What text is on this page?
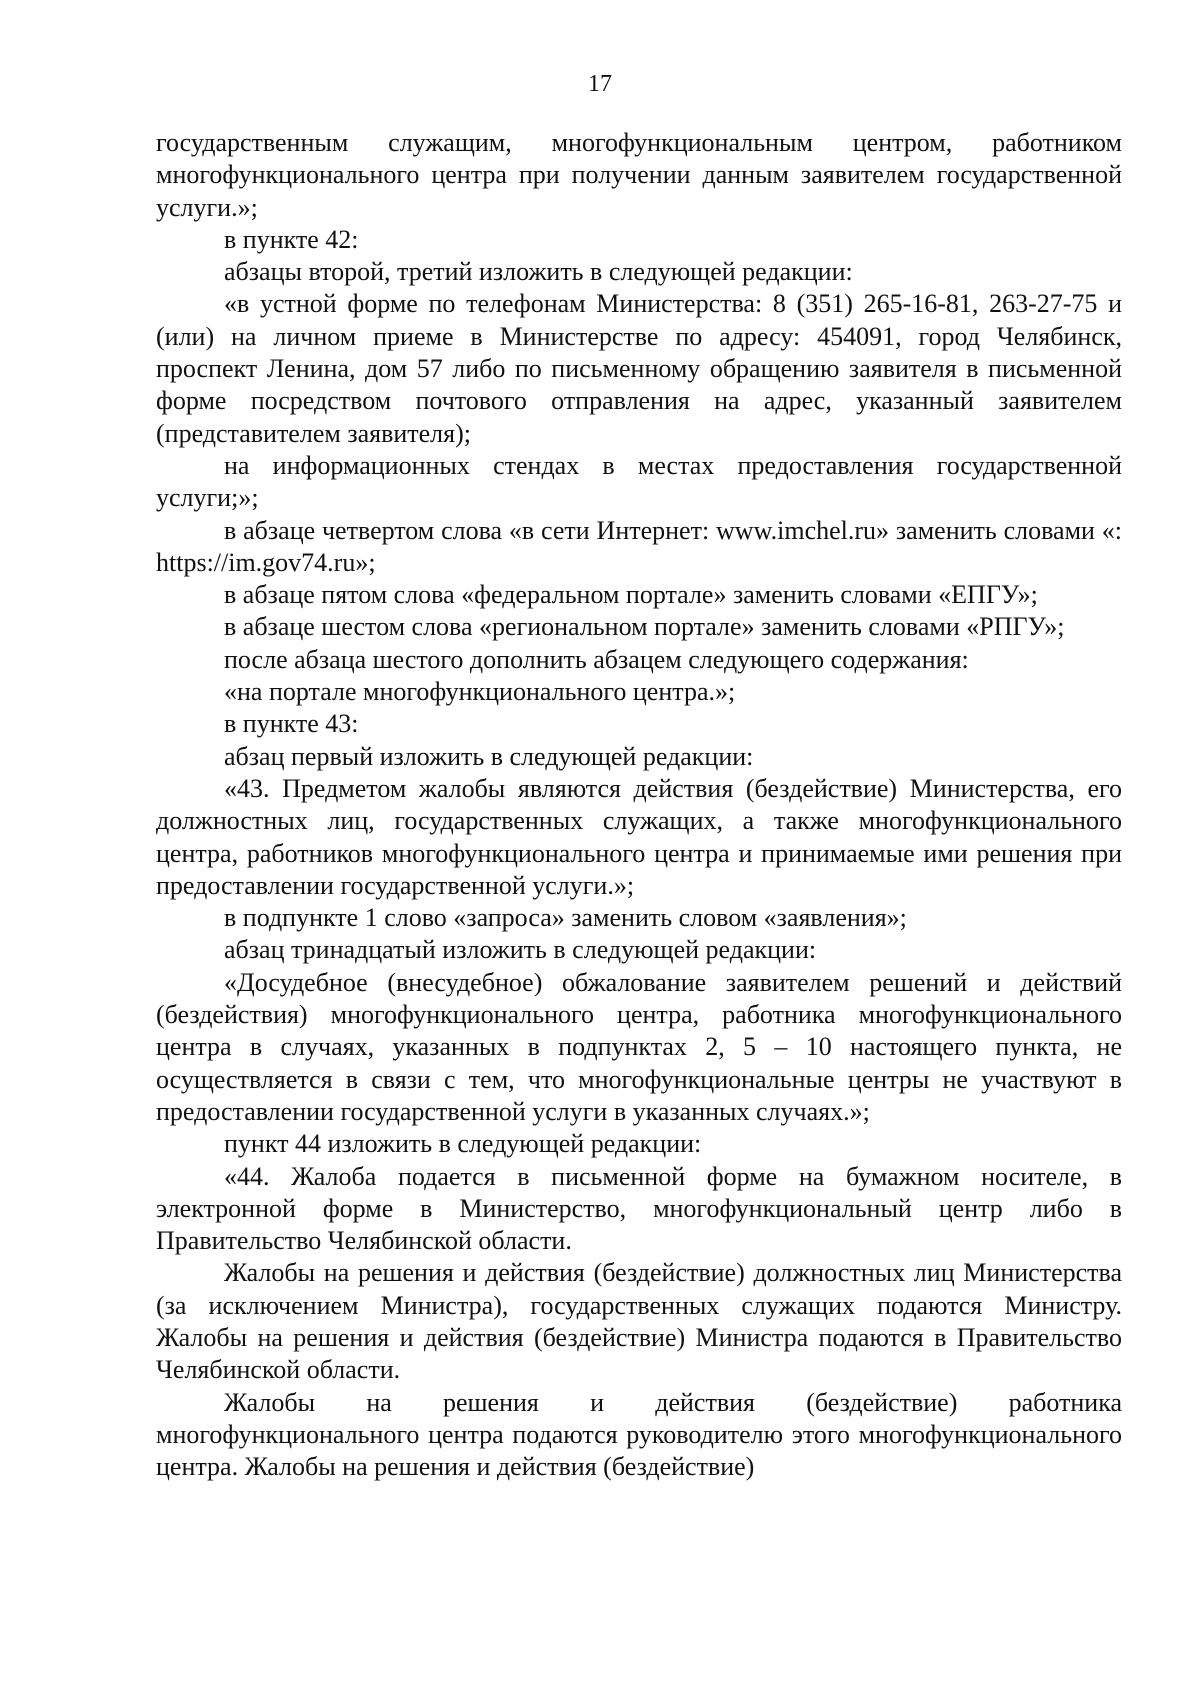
17

государственным служащим, многофункциональным центром, работником многофункционального центра при получении данным заявителем государственной услуги.»;

в пункте 42:

абзацы второй, третий изложить в следующей редакции:

«в устной форме по телефонам Министерства: 8 (351) 265-16-81, 263-27-75 и (или) на личном приеме в Министерстве по адресу: 454091, город Челябинск, проспект Ленина, дом 57 либо по письменному обращению заявителя в письменной форме посредством почтового отправления на адрес, указанный заявителем (представителем заявителя);

на информационных стендах в местах предоставления государственной услуги;»;

в абзаце четвертом слова «в сети Интернет: www.imchel.ru» заменить словами «: https://im.gov74.ru»;

в абзаце пятом слова «федеральном портале» заменить словами «ЕПГУ»;

в абзаце шестом слова «региональном портале» заменить словами «РПГУ»;

после абзаца шестого дополнить абзацем следующего содержания:

«на портале многофункционального центра.»;

в пункте 43:

абзац первый изложить в следующей редакции:

«43. Предметом жалобы являются действия (бездействие) Министерства, его должностных лиц, государственных служащих, а также многофункционального центра, работников многофункционального центра и принимаемые ими решения при предоставлении государственной услуги.»;

в подпункте 1 слово «запроса» заменить словом «заявления»;

абзац тринадцатый изложить в следующей редакции:

«Досудебное (внесудебное) обжалование заявителем решений и действий (бездействия) многофункционального центра, работника многофункционального центра в случаях, указанных в подпунктах 2, 5 – 10 настоящего пункта, не осуществляется в связи с тем, что многофункциональные центры не участвуют в предоставлении государственной услуги в указанных случаях.»;

пункт 44 изложить в следующей редакции:

«44. Жалоба подается в письменной форме на бумажном носителе, в электронной форме в Министерство, многофункциональный центр либо в Правительство Челябинской области.

Жалобы на решения и действия (бездействие) должностных лиц Министерства (за исключением Министра), государственных служащих подаются Министру. Жалобы на решения и действия (бездействие) Министра подаются в Правительство Челябинской области.

Жалобы на решения и действия (бездействие) работника многофункционального центра подаются руководителю этого многофункционального центра. Жалобы на решения и действия (бездействие)
